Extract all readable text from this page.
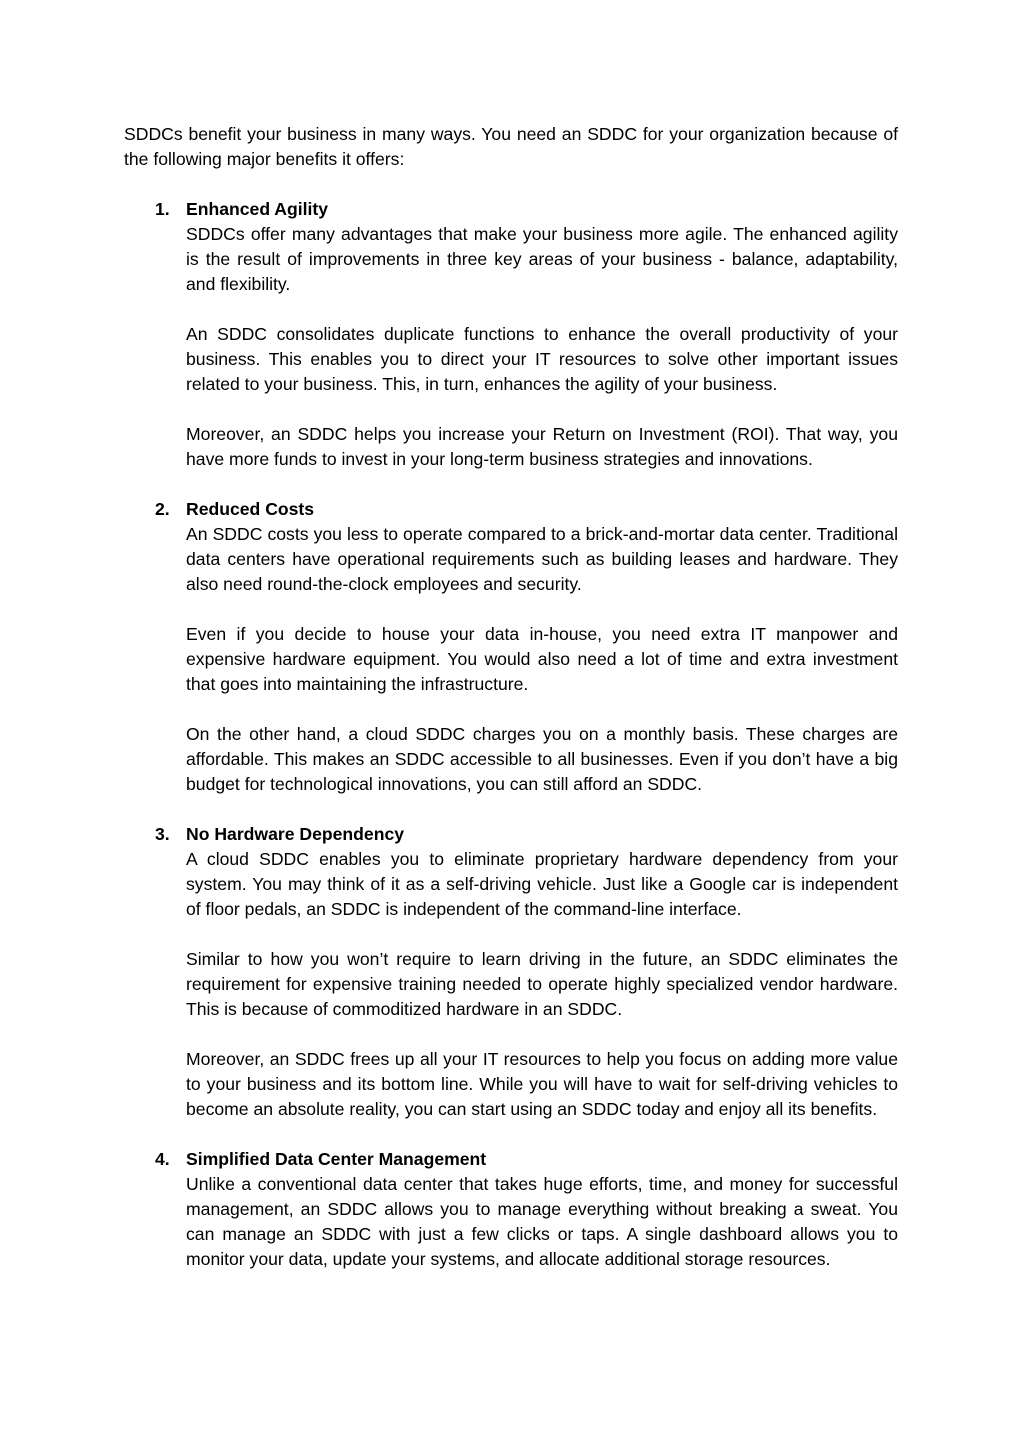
SDDCs benefit your business in many ways. You need an SDDC for your organization because of the following major benefits it offers:

1. Enhanced Agility

SDDCs offer many advantages that make your business more agile. The enhanced agility is the result of improvements in three key areas of your business - balance, adaptability, and flexibility.

An SDDC consolidates duplicate functions to enhance the overall productivity of your business. This enables you to direct your IT resources to solve other important issues related to your business. This, in turn, enhances the agility of your business.

Moreover, an SDDC helps you increase your Return on Investment (ROI). That way, you have more funds to invest in your long-term business strategies and innovations.

2. Reduced Costs

An SDDC costs you less to operate compared to a brick-and-mortar data center. Traditional data centers have operational requirements such as building leases and hardware. They also need round-the-clock employees and security.

Even if you decide to house your data in-house, you need extra IT manpower and expensive hardware equipment. You would also need a lot of time and extra investment that goes into maintaining the infrastructure.

On the other hand, a cloud SDDC charges you on a monthly basis. These charges are affordable. This makes an SDDC accessible to all businesses. Even if you don’t have a big budget for technological innovations, you can still afford an SDDC.

3. No Hardware Dependency

A cloud SDDC enables you to eliminate proprietary hardware dependency from your system. You may think of it as a self-driving vehicle. Just like a Google car is independent of floor pedals, an SDDC is independent of the command-line interface.

Similar to how you won’t require to learn driving in the future, an SDDC eliminates the requirement for expensive training needed to operate highly specialized vendor hardware. This is because of commoditized hardware in an SDDC.

Moreover, an SDDC frees up all your IT resources to help you focus on adding more value to your business and its bottom line. While you will have to wait for self-driving vehicles to become an absolute reality, you can start using an SDDC today and enjoy all its benefits.

4. Simplified Data Center Management

Unlike a conventional data center that takes huge efforts, time, and money for successful management, an SDDC allows you to manage everything without breaking a sweat. You can manage an SDDC with just a few clicks or taps. A single dashboard allows you to monitor your data, update your systems, and allocate additional storage resources.
